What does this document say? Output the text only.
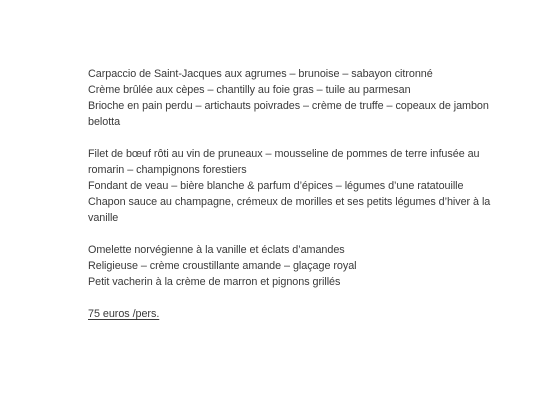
Carpaccio de Saint-Jacques aux agrumes – brunoise – sabayon citronné
Crème brûlée aux cèpes – chantilly au foie gras – tuile au parmesan
Brioche en pain perdu – artichauts poivrades – crème de truffe – copeaux de jambon belotta
Filet de bœuf rôti au vin de pruneaux – mousseline de pommes de terre infusée au romarin – champignons forestiers
Fondant de veau – bière blanche & parfum d’épices – légumes d’une ratatouille
Chapon sauce au champagne, crémeux de morilles et ses petits légumes d’hiver à la vanille
Omelette norvégienne à la vanille et éclats d’amandes
Religieuse – crème croustillante amande – glaçage royal
Petit vacherin à la crème de marron et pignons grillés
75 euros /pers.
